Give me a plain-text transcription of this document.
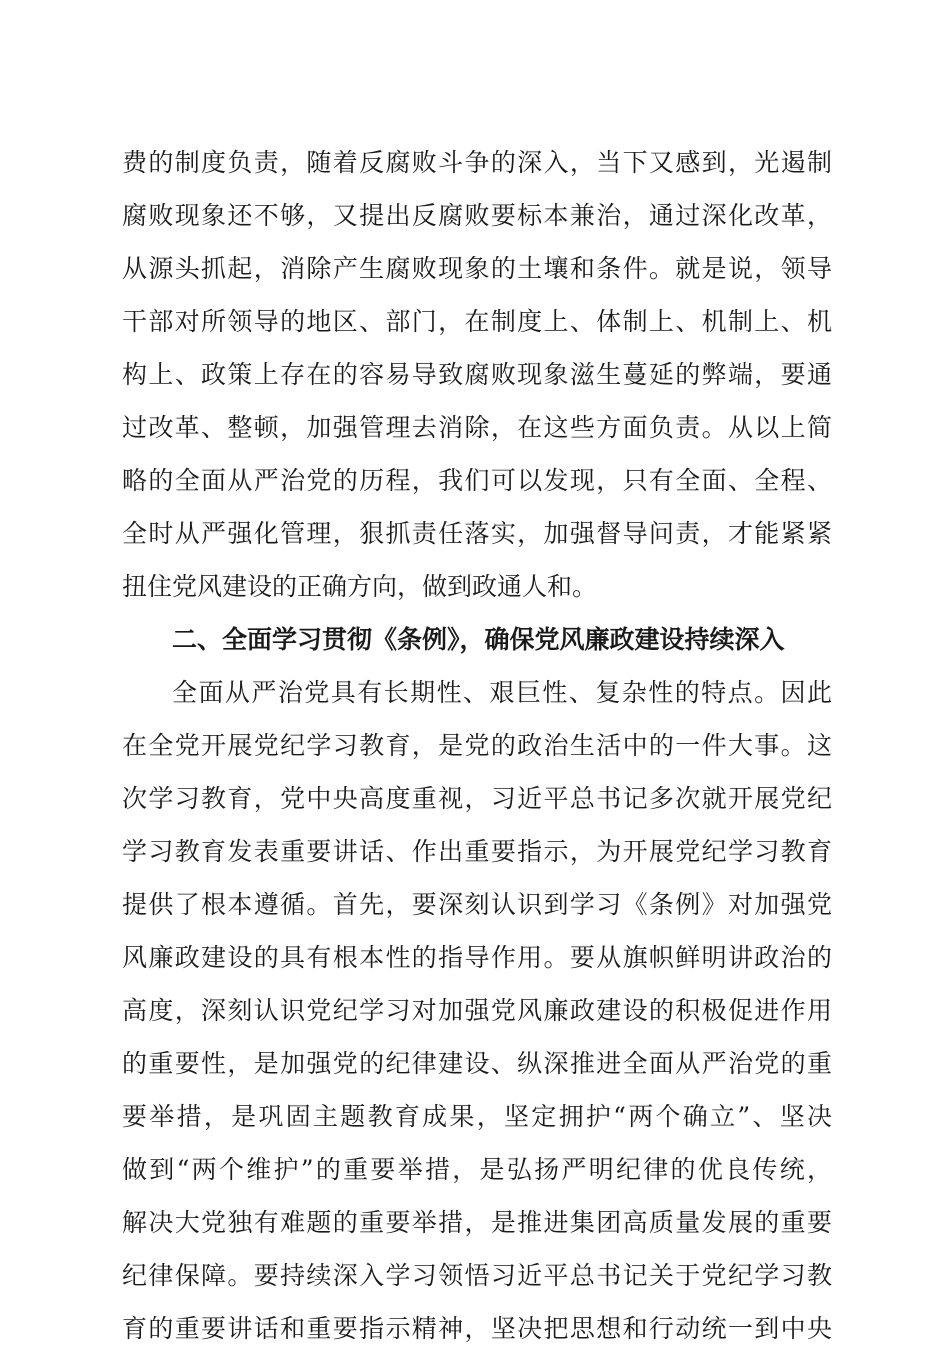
费的制度负责，随着反腐败斗争的深入，当下又感到，光遏制
腐败现象还不够，又提出反腐败要标本兼治，通过深化改革，
从源头抓起，消除产生腐败现象的土壤和条件。就是说，领导
干部对所领导的地区、部门，在制度上、体制上、机制上、机
构上、政策上存在的容易导致腐败现象滋生蔓延的弊端，要通
过改革、整顿，加强管理去消除，在这些方面负责。从以上简
略的全面从严治党的历程，我们可以发现，只有全面、全程、
全时从严强化管理，狠抓责任落实，加强督导问责，才能紧紧
扭住党风建设的正确方向，做到政通人和。
二、全面学习贯彻《条例》，确保党风廉政建设持续深入
全面从严治党具有长期性、艰巨性、复杂性的特点。因此
在全党开展党纪学习教育，是党的政治生活中的一件大事。这
次学习教育，党中央高度重视，习近平总书记多次就开展党纪
学习教育发表重要讲话、作出重要指示，为开展党纪学习教育
提供了根本遵循。首先，要深刻认识到学习《条例》对加强党
风廉政建设的具有根本性的指导作用。要从旗帜鲜明讲政治的
高度，深刻认识党纪学习对加强党风廉政建设的积极促进作用
的重要性，是加强党的纪律建设、纵深推进全面从严治党的重
要举措，是巩固主题教育成果，坚定拥护“两个确立”、坚决
做到“两个维护”的重要举措，是弘扬严明纪律的优良传统，
解决大党独有难题的重要举措，是推进集团高质量发展的重要
纪律保障。要持续深入学习领悟习近平总书记关于党纪学习教
育的重要讲话和重要指示精神，坚决把思想和行动统一到中央
